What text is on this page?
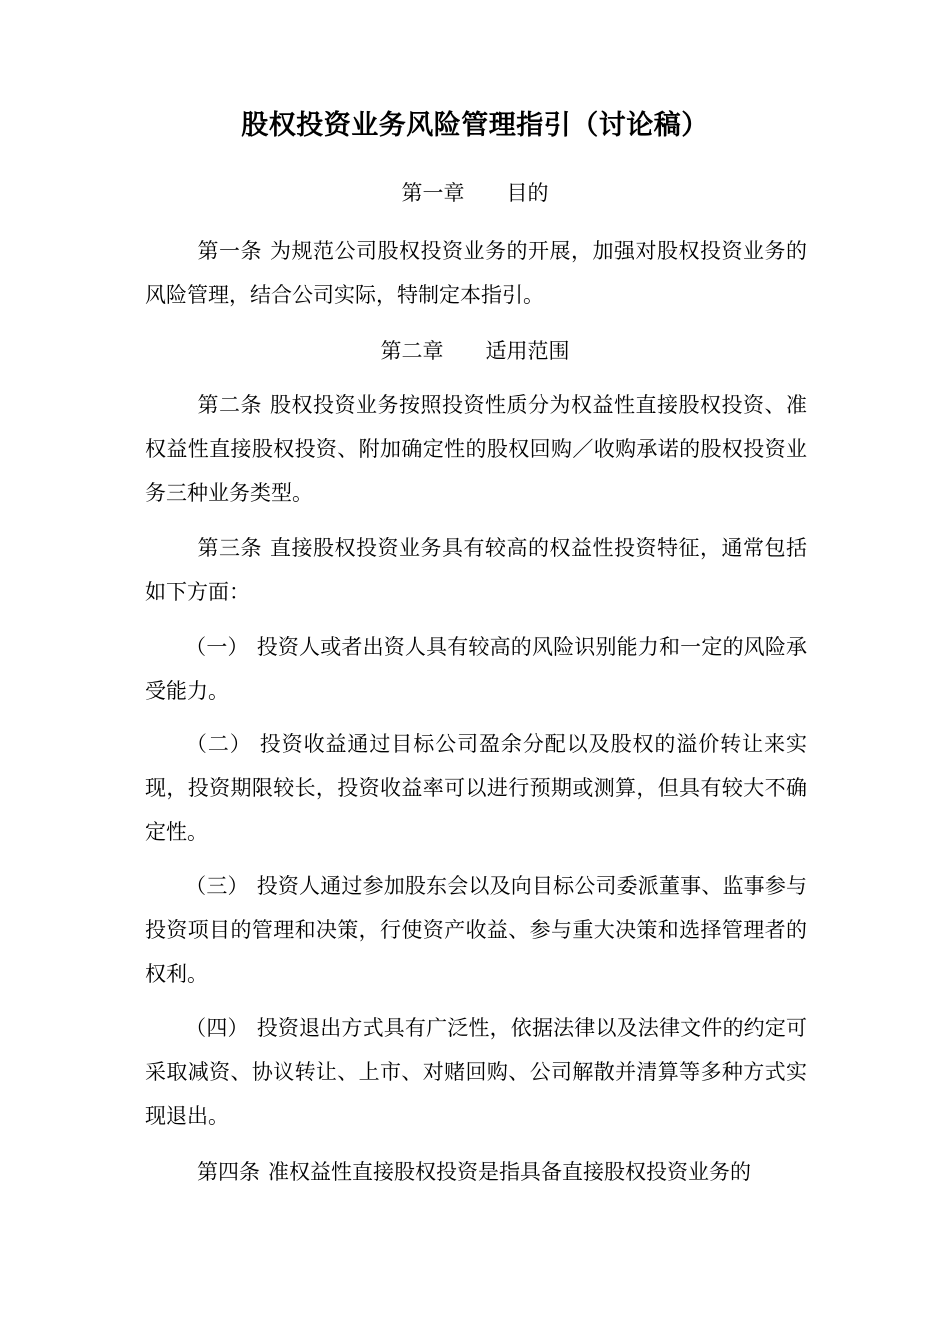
股权投资业务风险管理指引（讨论稿）
第一章　　目的

第一条 为规范公司股权投资业务的开展，加强对股权投资业务的风险管理，结合公司实际，特制定本指引。

第二章　　适用范围

第二条 股权投资业务按照投资性质分为权益性直接股权投资、准权益性直接股权投资、附加确定性的股权回购／收购承诺的股权投资业务三种业务类型。

第三条 直接股权投资业务具有较高的权益性投资特征，通常包括如下方面：

（一） 投资人或者出资人具有较高的风险识别能力和一定的风险承受能力。

（二） 投资收益通过目标公司盈余分配以及股权的溢价转让来实现，投资期限较长，投资收益率可以进行预期或测算，但具有较大不确定性。

（三） 投资人通过参加股东会以及向目标公司委派董事、监事参与投资项目的管理和决策，行使资产收益、参与重大决策和选择管理者的权利。

（四） 投资退出方式具有广泛性，依据法律以及法律文件的约定可采取减资、协议转让、上市、对赌回购、公司解散并清算等多种方式实现退出。

第四条 准权益性直接股权投资是指具备直接股权投资业务的
